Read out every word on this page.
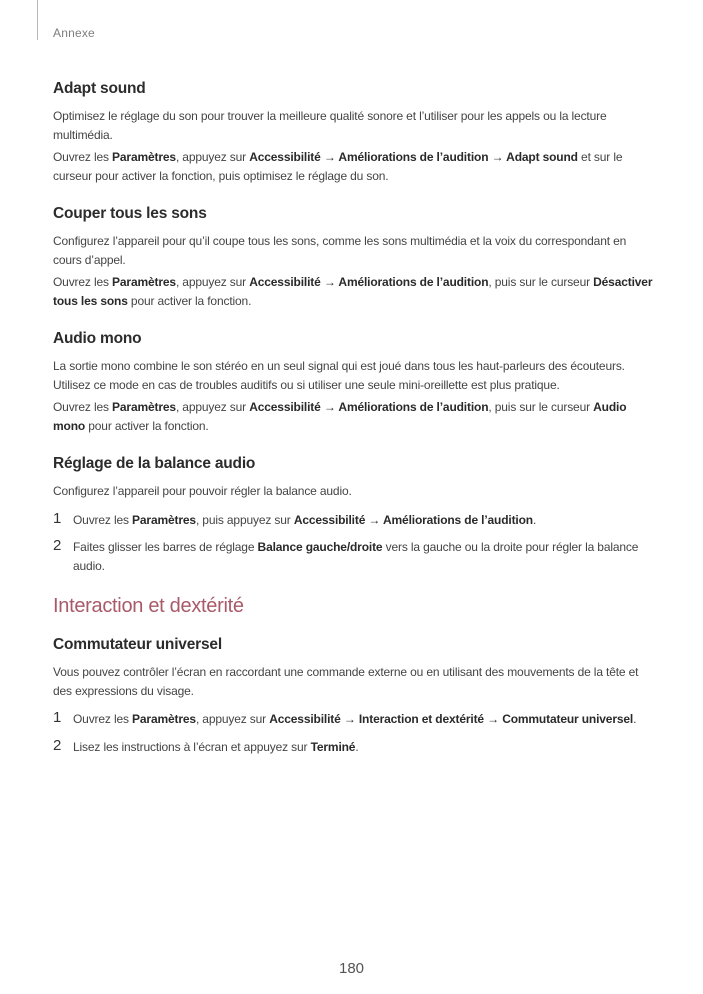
Annexe
Adapt sound

Optimisez le réglage du son pour trouver la meilleure qualité sonore et l’utiliser pour les appels ou la lecture multimédia.

Ouvrez les Paramètres, appuyez sur Accessibilité → Améliorations de l’audition → Adapt sound et sur le curseur pour activer la fonction, puis optimisez le réglage du son.

Couper tous les sons

Configurez l’appareil pour qu’il coupe tous les sons, comme les sons multimédia et la voix du correspondant en cours d’appel.

Ouvrez les Paramètres, appuyez sur Accessibilité → Améliorations de l’audition, puis sur le curseur Désactiver tous les sons pour activer la fonction.

Audio mono

La sortie mono combine le son stéréo en un seul signal qui est joué dans tous les haut-parleurs des écouteurs. Utilisez ce mode en cas de troubles auditifs ou si utiliser une seule mini-oreillette est plus pratique.

Ouvrez les Paramètres, appuyez sur Accessibilité → Améliorations de l’audition, puis sur le curseur Audio mono pour activer la fonction.

Réglage de la balance audio

Configurez l’appareil pour pouvoir régler la balance audio.

1 Ouvrez les Paramètres, puis appuyez sur Accessibilité → Améliorations de l’audition.
2 Faites glisser les barres de réglage Balance gauche/droite vers la gauche ou la droite pour régler la balance audio.
Interaction et dextérité
Commutateur universel

Vous pouvez contrôler l’écran en raccordant une commande externe ou en utilisant des mouvements de la tête et des expressions du visage.

1 Ouvrez les Paramètres, appuyez sur Accessibilité → Interaction et dextérité → Commutateur universel.
2 Lisez les instructions à l’écran et appuyez sur Terminé.
180
